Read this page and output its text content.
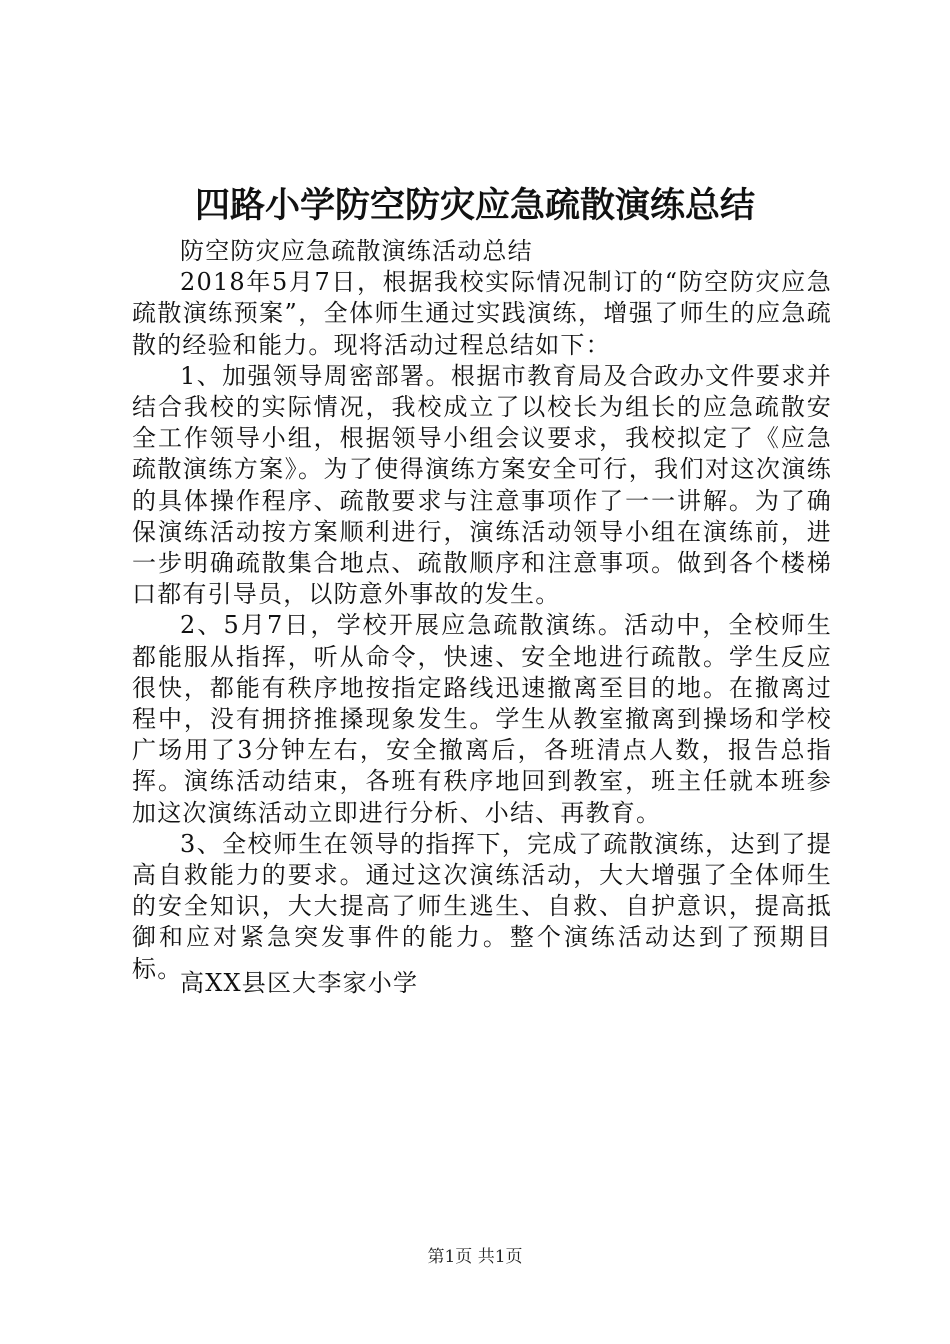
四路小学防空防灾应急疏散演练总结

防空防灾应急疏散演练活动总结

2018年5月7日，根据我校实际情况制订的“防空防灾应急疏散演练预案”，全体师生通过实践演练，增强了师生的应急疏散的经验和能力。现将活动过程总结如下：

1、加强领导周密部署。根据市教育局及合政办文件要求并结合我校的实际情况，我校成立了以校长为组长的应急疏散安全工作领导小组，根据领导小组会议要求，我校拟定了《应急疏散演练方案》。为了使得演练方案安全可行，我们对这次演练的具体操作程序、疏散要求与注意事项作了一一讲解。为了确保演练活动按方案顺利进行，演练活动领导小组在演练前，进一步明确疏散集合地点、疏散顺序和注意事项。做到各个楼梯口都有引导员，以防意外事故的发生。

2、5月7日，学校开展应急疏散演练。活动中，全校师生都能服从指挥，听从命令，快速、安全地进行疏散。学生反应很快，都能有秩序地按指定路线迅速撤离至目的地。在撤离过程中，没有拥挤推搡现象发生。学生从教室撤离到操场和学校广场用了3分钟左右，安全撤离后，各班清点人数，报告总指挥。演练活动结束，各班有秩序地回到教室，班主任就本班参加这次演练活动立即进行分析、小结、再教育。

3、全校师生在领导的指挥下，完成了疏散演练，达到了提高自救能力的要求。通过这次演练活动，大大增强了全体师生的安全知识，大大提高了师生逃生、自救、自护意识，提高抵御和应对紧急突发事件的能力。整个演练活动达到了预期目标。

高XX县区大李家小学
第1页 共1页
